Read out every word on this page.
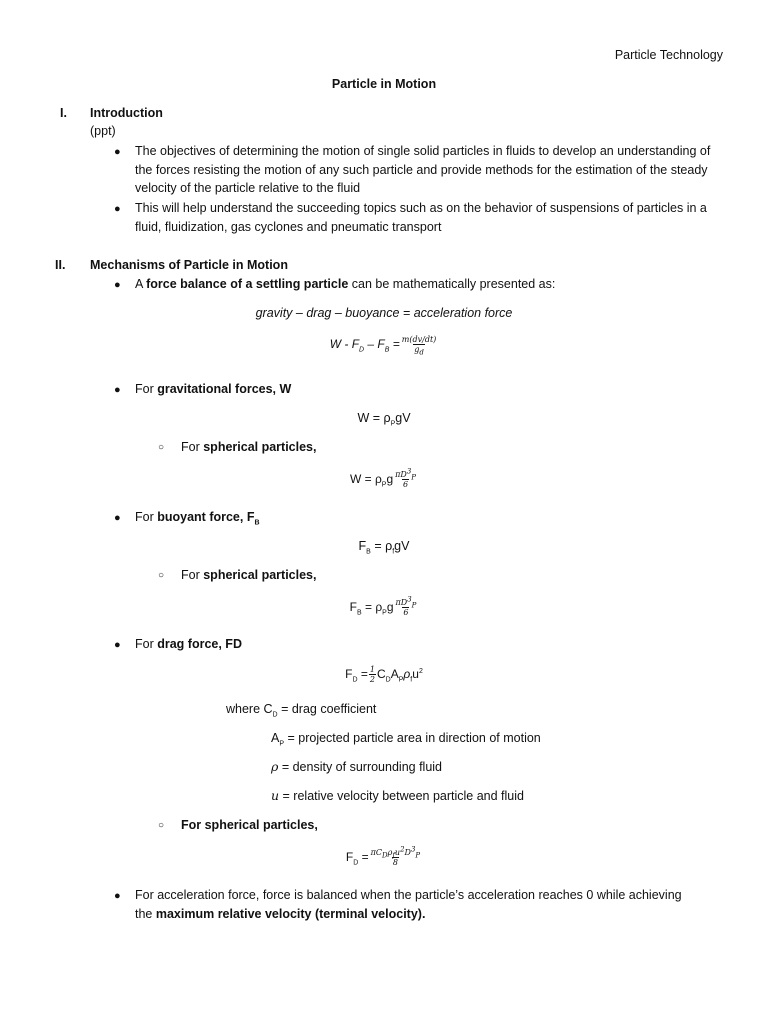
Particle Technology
Particle in Motion
I. Introduction
(ppt)
● The objectives of determining the motion of single solid particles in fluids to develop an understanding of the forces resisting the motion of any such particle and provide methods for the estimation of the steady velocity of the particle relative to the fluid
● This will help understand the succeeding topics such as on the behavior of suspensions of particles in a fluid, fluidization, gas cyclones and pneumatic transport
II. Mechanisms of Particle in Motion
● A force balance of a settling particle can be mathematically presented as:
gravity – drag – buoyance = acceleration force
$W - F_D - F_B = \frac{m(dv/dt)}{g_d}$
● For gravitational forces, W
$W = \rho_PgV$
○ For spherical particles,
$W = \rho_Pg \frac{\pi D^3_P}{6}$
● For buoyant force, $F_B$
$F_B = \rho_fgV$
○ For spherical particles,
$F_B = \rho_Pg \frac{\pi D^3_P}{6}$
● For drag force, FD
$F_D = \frac{1}{2} C_DA_P\rho_fu^2$
where $C_D$ = drag coefficient
$A_P$ = projected particle area in direction of motion
ρ = density of surrounding fluid
u = relative velocity between particle and fluid
○ For spherical particles,
$F_D = \frac{\pi C_D\rho_fu^2D^3_P}{8}$
● For acceleration force, force is balanced when the particle’s acceleration reaches 0 while achieving the maximum relative velocity (terminal velocity).
